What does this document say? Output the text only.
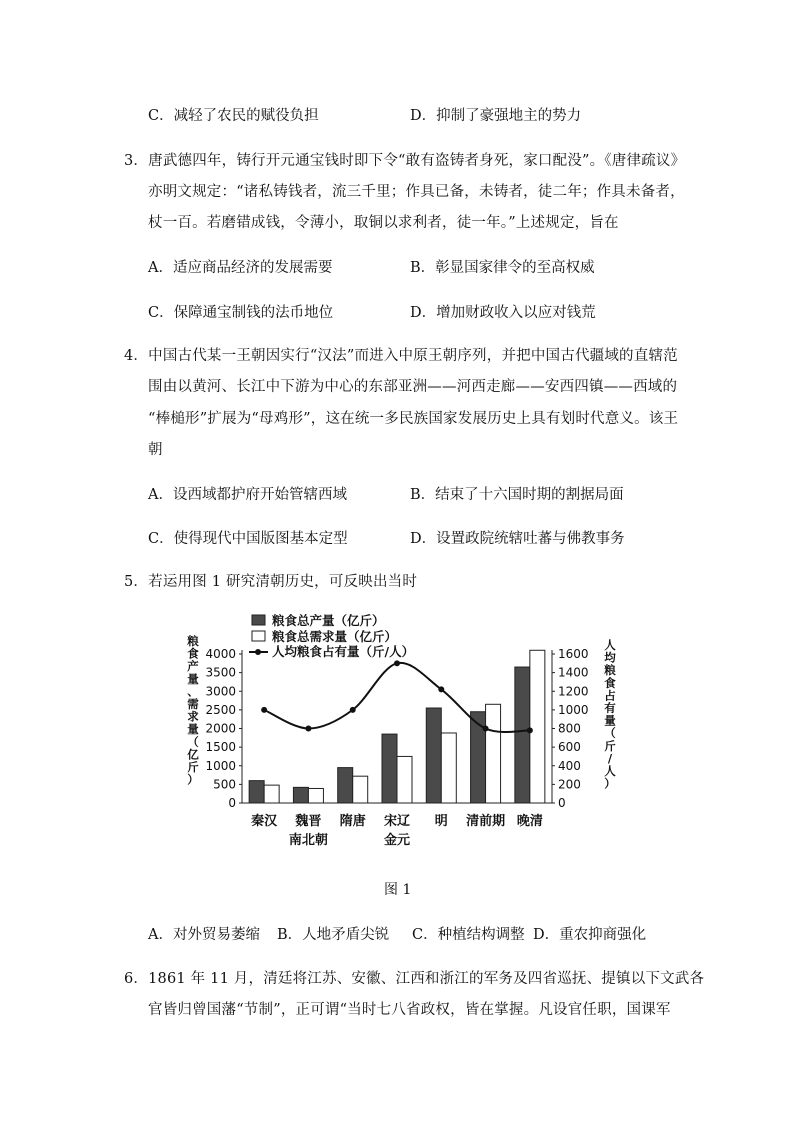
C．减轻了农民的赋役负担	D．抑制了豪强地主的势力
3．唐武德四年，铸行开元通宝钱时即下令“敢有盗铸者身死，家口配没”。《唐律疏议》
亦明文规定：“诸私铸钱者，流三千里；作具已备，未铸者，徒二年；作具未备者，
杖一百。若磨错成钱，令薄小，取铜以求利者，徒一年。”上述规定，旨在
A．适应商品经济的发展需要	B．彰显国家律令的至高权威
C．保障通宝制钱的法币地位	D．增加财政收入以应对钱荒
4．中国古代某一王朝因实行“汉法”而进入中原王朝序列，并把中国古代疆域的直辖范
围由以黄河、长江中下游为中心的东部亚洲——河西走廊——安西四镇——西域的
“棒槌形”扩展为“母鸡形”，这在统一多民族国家发展历史上具有划时代意义。该王
朝
A．设西域都护府开始管辖西域	B．结束了十六国时期的割据局面
C．使得现代中国版图基本定型	D．设置政院统辖吐蕃与佛教事务
5．若运用图 1 研究清朝历史，可反映出当时
粮食总产量（亿斤）
粮食总需求量（亿斤）
人均粮食占有量（斤/人）
粮
食
产
量
、
需
求
量
（
亿
斤
）
人
均
粮
食
占
有
量
（
斤
/
人
）
0
500
1000
1500
2000
2500
3000
3500
4000
0
200
400
600
800
1000
1200
1400
1600
秦汉 魏晋
南北朝
隋唐 宋辽
金元
明 清前期 晚清
图 1
A．对外贸易萎缩 B．人地矛盾尖锐 C．种植结构调整 D．重农抑商强化
6．1861 年 11 月，清廷将江苏、安徽、江西和浙江的军务及四省巡抚、提镇以下文武各
官皆归曾国藩“节制”，正可谓“当时七八省政权，皆在掌握。凡设官任职，国课军
